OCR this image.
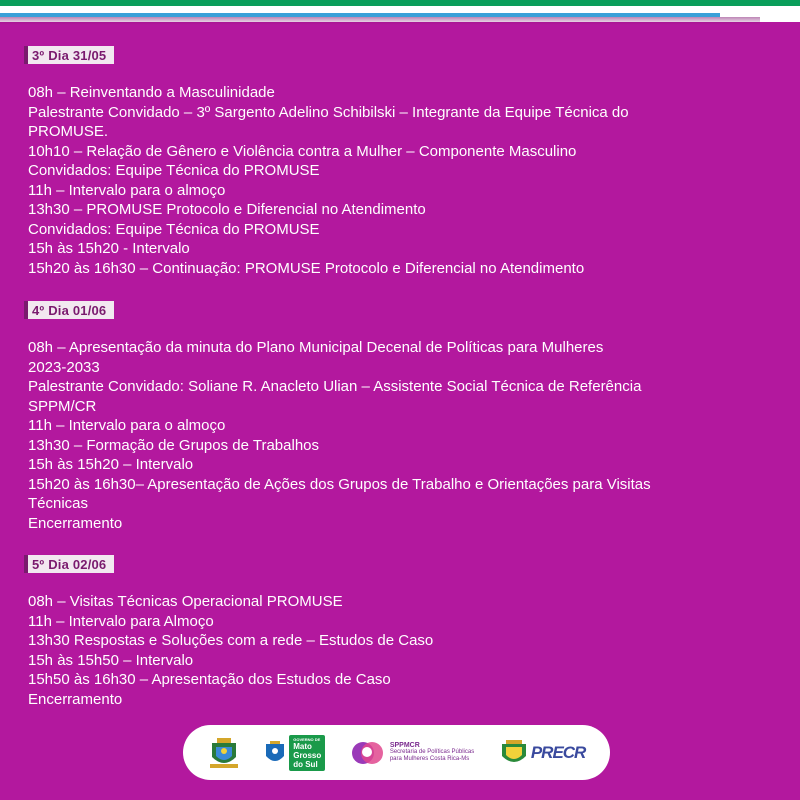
3º Dia 31/05
08h – Reinventando a Masculinidade
Palestrante Convidado – 3º Sargento Adelino Schibilski – Integrante da Equipe Técnica do
PROMUSE.
10h10 – Relação de Gênero e Violência contra a Mulher – Componente Masculino
Convidados: Equipe Técnica do PROMUSE
11h – Intervalo para o almoço
13h30 – PROMUSE Protocolo e Diferencial no Atendimento
Convidados: Equipe Técnica do PROMUSE
15h às 15h20 - Intervalo
15h20 às 16h30 – Continuação: PROMUSE Protocolo e Diferencial no Atendimento
4º Dia 01/06
08h – Apresentação da minuta do Plano Municipal Decenal de Políticas para Mulheres
2023-2033
Palestrante Convidado: Soliane R. Anacleto Ulian – Assistente Social Técnica de Referência
SPPM/CR
11h – Intervalo para o almoço
13h30 – Formação de Grupos de Trabalhos
15h às 15h20 – Intervalo
15h20 às 16h30– Apresentação de Ações dos Grupos de Trabalho e Orientações para Visitas
Técnicas
Encerramento
5º Dia 02/06
08h – Visitas Técnicas Operacional PROMUSE
11h – Intervalo para Almoço
13h30 Respostas e Soluções com a rede – Estudos de Caso
15h às 15h50 – Intervalo
15h50 às 16h30 – Apresentação dos Estudos de Caso
Encerramento
GOVERNO DE
Mato
Grosso
do Sul
SPPMCR
Secretaria de Políticas Públicas
para Mulheres Costa Rica-Ms	PRECR
